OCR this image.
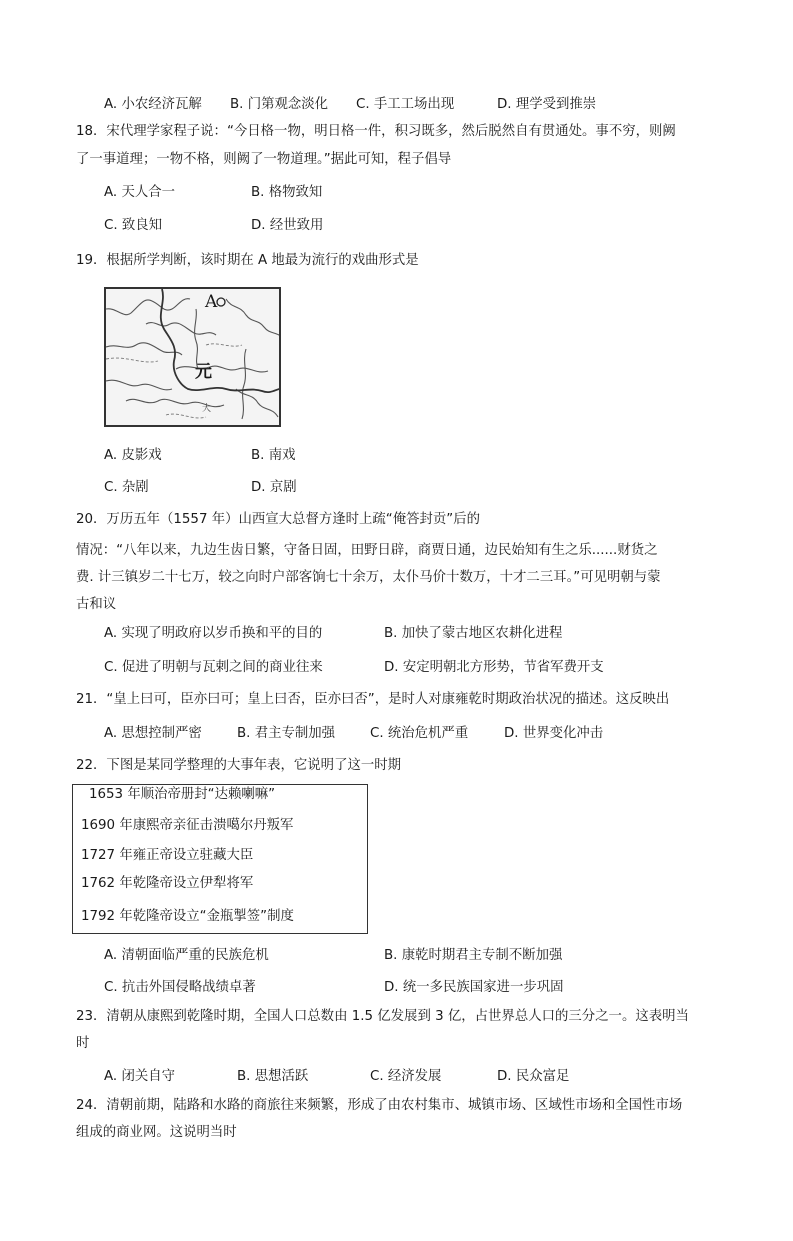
A. 小农经济瓦解 B. 门第观念淡化 C. 手工工场出现	D. 理学受到推崇
18．宋代理学家程子说：“今日格一物，明日格一件，积习既多，然后脱然自有贯通处。事不穷，则阙
了一事道理；一物不格，则阙了一物道理。”据此可知，程子倡导
A. 天人合一	B. 格物致知
C. 致良知	D. 经世致用
19．根据所学判断，该时期在 A 地最为流行的戏曲形式是
大
A
元
A. 皮影戏	B. 南戏
C. 杂剧	D. 京剧
20．万历五年（1557 年）山西宣大总督方逢时上疏“俺答封贡”后的
情况：“八年以来，九边生齿日繁，守备日固，田野日辟，商贾日通，边民始知有生之乐......财货之
费. 计三镇岁二十七万，较之向时户部客饷七十余万，太仆马价十数万，十才二三耳。”可见明朝与蒙
古和议
A. 实现了明政府以岁币换和平的目的	B. 加快了蒙古地区农耕化进程
C. 促进了明朝与瓦剌之间的商业往来	D. 安定明朝北方形势，节省军费开支
21．“皇上曰可，臣亦曰可；皇上曰否，臣亦曰否”，是时人对康雍乾时期政治状况的描述。这反映出
A. 思想控制严密	B. 君主专制加强	C. 统治危机严重	D. 世界变化冲击
22．下图是某同学整理的大事年表，它说明了这一时期
1653 年顺治帝册封“达赖喇嘛”
1690 年康熙帝亲征击溃噶尔丹叛军
1727 年雍正帝设立驻藏大臣
1762 年乾隆帝设立伊犁将军
1792 年乾隆帝设立“金瓶掣签”制度
A. 清朝面临严重的民族危机	B. 康乾时期君主专制不断加强
C. 抗击外国侵略战绩卓著	D. 统一多民族国家进一步巩固
23．清朝从康熙到乾隆时期，全国人口总数由 1.5 亿发展到 3 亿，占世界总人口的三分之一。这表明当
时
A. 闭关自守	B. 思想活跃	C. 经济发展	D. 民众富足
24．清朝前期，陆路和水路的商旅往来频繁，形成了由农村集市、城镇市场、区域性市场和全国性市场
组成的商业网。这说明当时
